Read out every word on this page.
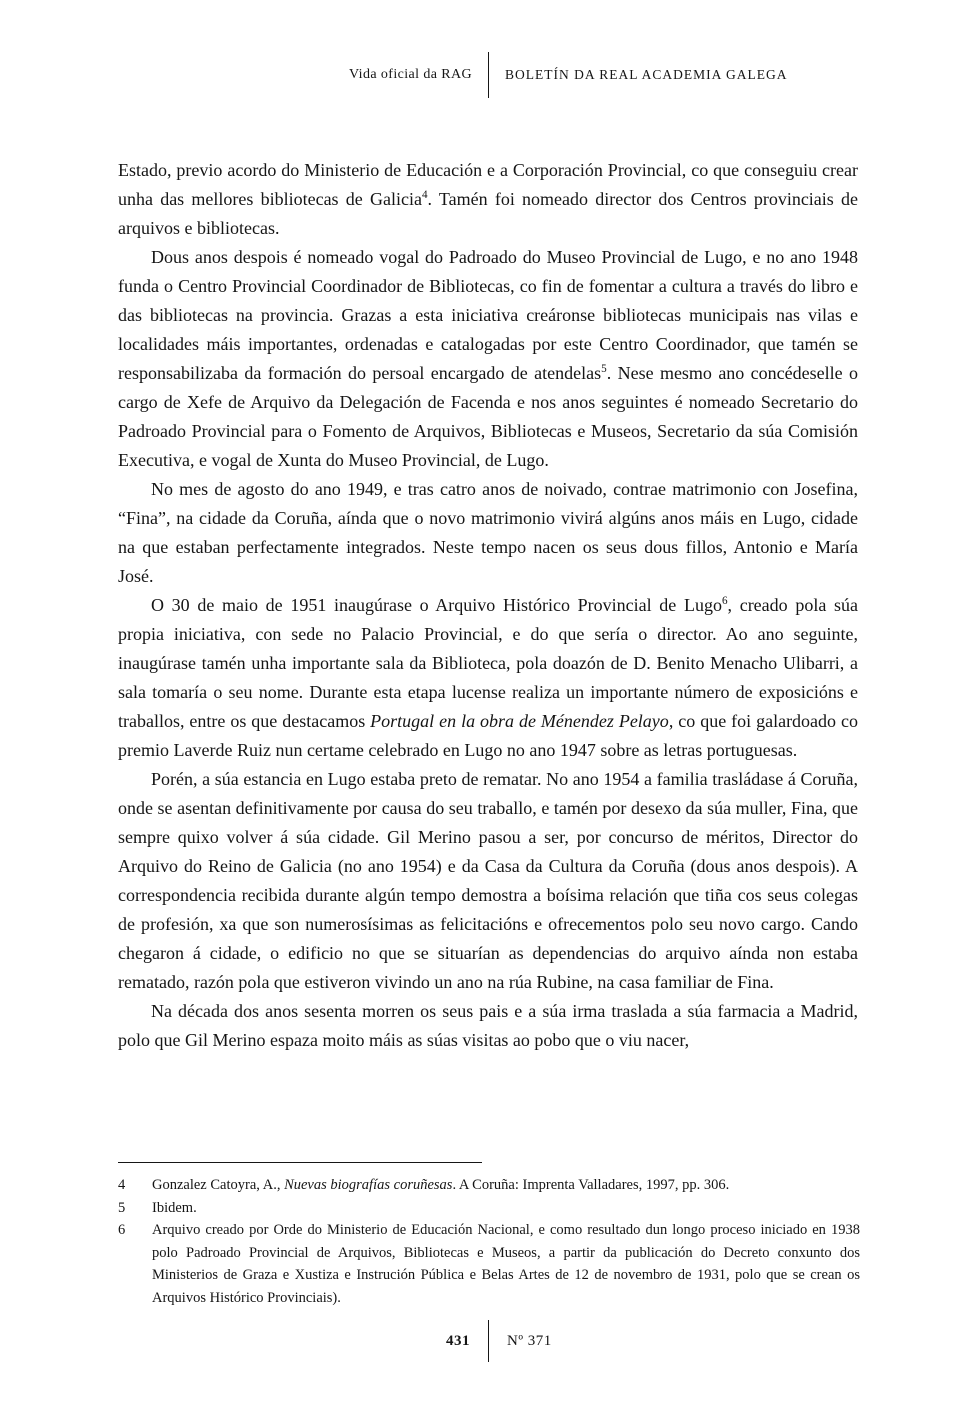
Vida oficial da RAG	BOLETÍN DA REAL ACADEMIA GALEGA

Estado, previo acordo do Ministerio de Educación e a Corporación Provincial, co que conseguiu crear unha das mellores bibliotecas de Galicia$^4$. Tamén foi nomeado director dos Centros provinciais de arquivos e bibliotecas.

Dous anos despois é nomeado vogal do Padroado do Museo Provincial de Lugo, e no ano 1948 funda o Centro Provincial Coordinador de Bibliotecas, co fin de fomentar a cultura a través do libro e das bibliotecas na provincia. Grazas a esta iniciativa creáronse bibliotecas municipais nas vilas e localidades máis importantes, ordenadas e catalogadas por este Centro Coordinador, que tamén se responsabilizaba da formación do persoal encargado de atendelas$^5$. Nese mesmo ano concédeselle o cargo de Xefe de Arquivo da Delegación de Facenda e nos anos seguintes é nomeado Secretario do Padroado Provincial para o Fomento de Arquivos, Bibliotecas e Museos, Secretario da súa Comisión Executiva, e vogal de Xunta do Museo Provincial, de Lugo.

No mes de agosto do ano 1949, e tras catro anos de noivado, contrae matrimonio con Josefina, “Fina”, na cidade da Coruña, aínda que o novo matrimonio vivirá algúns anos máis en Lugo, cidade na que estaban perfectamente integrados. Neste tempo nacen os seus dous fillos, Antonio e María José.

O 30 de maio de 1951 inaugúrase o Arquivo Histórico Provincial de Lugo$^6$, creado pola súa propia iniciativa, con sede no Palacio Provincial, e do que sería o director. Ao ano seguinte, inaugúrase tamén unha importante sala da Biblioteca, pola doazón de D. Benito Menacho Ulibarri, a sala tomaría o seu nome. Durante esta etapa lucense realiza un importante número de exposicións e traballos, entre os que destacamos Portugal en la obra de Ménendez Pelayo, co que foi galardoado co premio Laverde Ruiz nun certame celebrado en Lugo no ano 1947 sobre as letras portuguesas.

Porén, a súa estancia en Lugo estaba preto de rematar. No ano 1954 a familia trasládase á Coruña, onde se asentan definitivamente por causa do seu traballo, e tamén por desexo da súa muller, Fina, que sempre quixo volver á súa cidade. Gil Merino pasou a ser, por concurso de méritos, Director do Arquivo do Reino de Galicia (no ano 1954) e da Casa da Cultura da Coruña (dous anos despois). A correspondencia recibida durante algún tempo demostra a boísima relación que tiña cos seus colegas de profesión, xa que son numerosísimas as felicitacións e ofrecementos polo seu novo cargo. Cando chegaron á cidade, o edificio no que se situarían as dependencias do arquivo aínda non estaba rematado, razón pola que estiveron vivindo un ano na rúa Rubine, na casa familiar de Fina.

Na década dos anos sesenta morren os seus pais e a súa irma traslada a súa farmacia a Madrid, polo que Gil Merino espaza moito máis as súas visitas ao pobo que o viu nacer,

4	Gonzalez Catoyra, A., Nuevas biografías coruñesas. A Coruña: Imprenta Valladares, 1997, pp. 306.
5	Ibidem.
6	Arquivo creado por Orde do Ministerio de Educación Nacional, e como resultado dun longo proceso iniciado en 1938 polo Padroado Provincial de Arquivos, Bibliotecas e Museos, a partir da publicación do Decreto conxunto dos Ministerios de Graza e Xustiza e Instrución Pública e Belas Artes de 12 de novembro de 1931, polo que se crean os Arquivos Histórico Provinciais).
431	Nº 371
